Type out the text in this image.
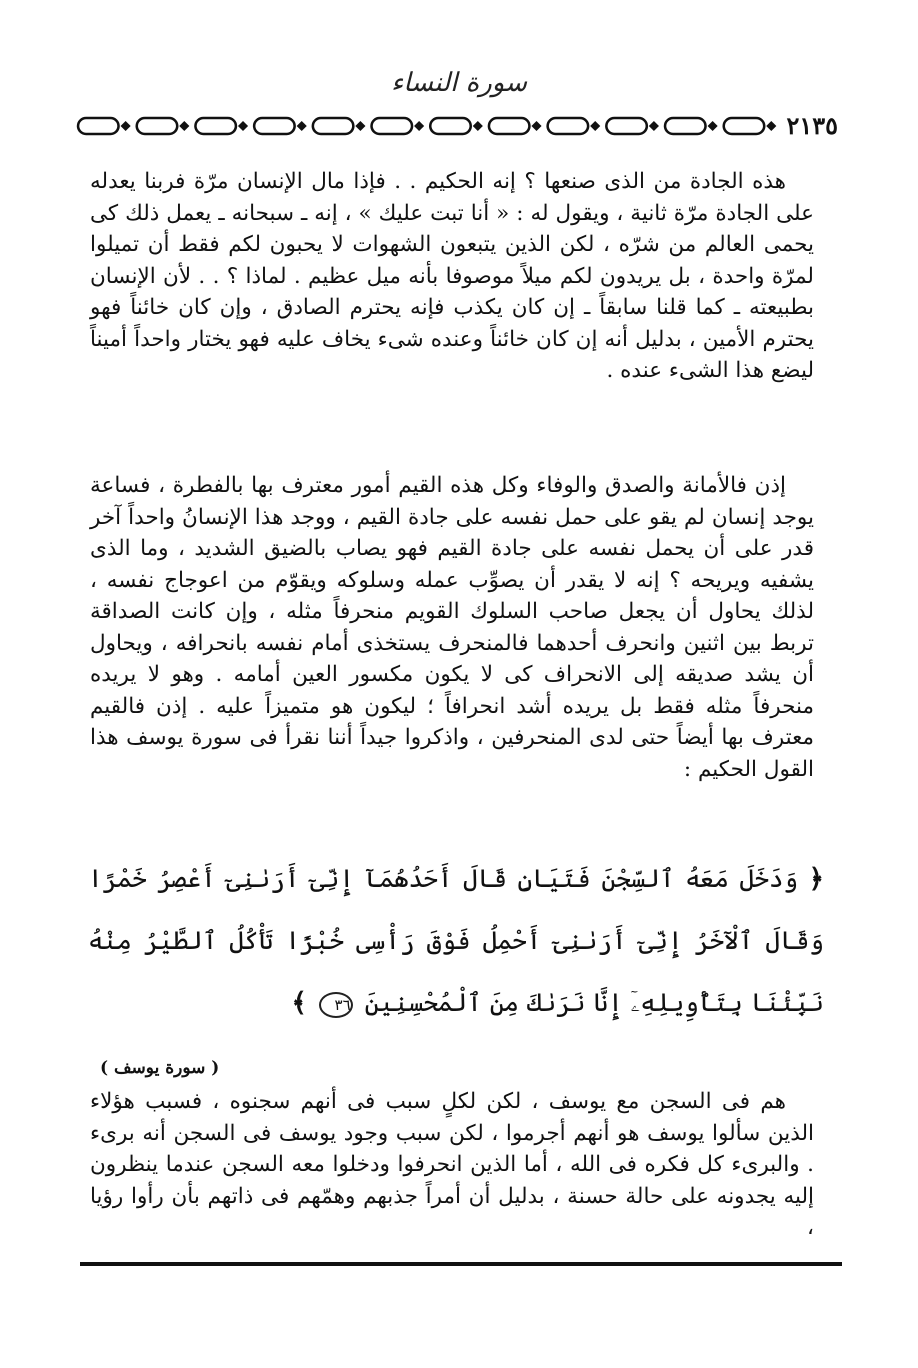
سورة النساء
٢١٣٥

هذه الجادة من الذى صنعها ؟ إنه الحكيم . . فإذا مال الإنسان مرّة فربنا يعدله على الجادة مرّة ثانية ، ويقول له : « أنا تبت عليك » ، إنه ـ سبحانه ـ يعمل ذلك كى يحمى العالم من شرّه ، لكن الذين يتبعون الشهوات لا يحبون لكم فقط أن تميلوا لمرّة واحدة ، بل يريدون لكم ميلاً موصوفا بأنه ميل عظيم . لماذا ؟ . . لأن الإنسان بطبيعته ـ كما قلنا سابقاً ـ إن كان يكذب فإنه يحترم الصادق ، وإن كان خائناً فهو يحترم الأمين ، بدليل أنه إن كان خائناً وعنده شىء يخاف عليه فهو يختار واحداً أميناً ليضع هذا الشىء عنده .

إذن فالأمانة والصدق والوفاء وكل هذه القيم أمور معترف بها بالفطرة ، فساعة يوجد إنسان لم يقو على حمل نفسه على جادة القيم ، ووجد هذا الإنسانُ واحداً آخر قدر على أن يحمل نفسه على جادة القيم فهو يصاب بالضيق الشديد ، وما الذى يشفيه ويريحه ؟ إنه لا يقدر أن يصوِّب عمله وسلوكه ويقوّم من اعوجاج نفسه ، لذلك يحاول أن يجعل صاحب السلوك القويم منحرفاً مثله ، وإن كانت الصداقة تربط بين اثنين وانحرف أحدهما فالمنحرف يستخذى أمام نفسه بانحرافه ، ويحاول أن يشد صديقه إلى الانحراف كى لا يكون مكسور العين أمامه . وهو لا يريده منحرفاً مثله فقط بل يريده أشد انحرافاً ؛ ليكون هو متميزاً عليه . إذن فالقيم معترف بها أيضاً حتى لدى المنحرفين ، واذكروا جيداً أننا نقرأ فى سورة يوسف هذا القول الحكيم :

﴿ وَدَخَلَ مَعَهُ ٱلسِّجْنَ فَتَيَانِ قَالَ أَحَدُهُمَآ إِنِّىٓ أَرَىٰنِىٓ أَعْصِرُ خَمْرًا وَقَالَ ٱلْآخَرُ إِنِّىٓ أَرَىٰنِىٓ أَحْمِلُ فَوْقَ رَأْسِى خُبْزًا تَأْكُلُ ٱلطَّيْرُ مِنْهُ نَبِّئْنَا بِتَأْوِيلِهِۦٓ إِنَّا نَرَىٰكَ مِنَ ٱلْمُحْسِنِينَ ٣٦ ﴾
( سورة يوسف )

هم فى السجن مع يوسف ، لكن لكلٍ سبب فى أنهم سجنوه ، فسبب هؤلاء الذين سألوا يوسف هو أنهم أجرموا ، لكن سبب وجود يوسف فى السجن أنه برىء . والبرىء كل فكره فى الله ، أما الذين انحرفوا ودخلوا معه السجن عندما ينظرون إليه يجدونه على حالة حسنة ، بدليل أن أمراً جذبهم وهمّهم فى ذاتهم بأن رأوا رؤيا ،
